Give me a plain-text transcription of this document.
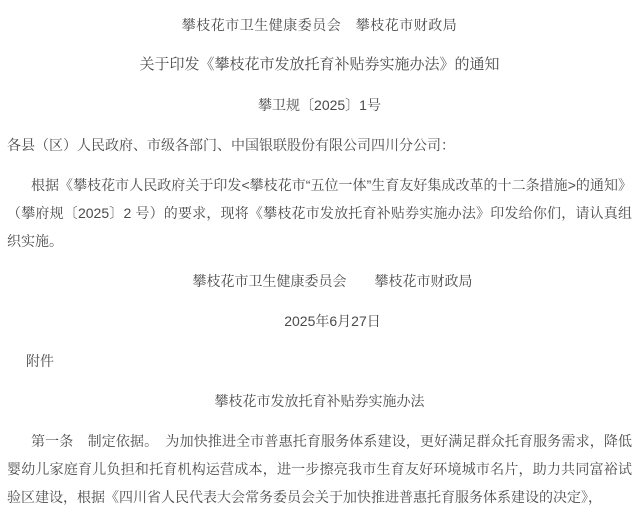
攀枝花市卫生健康委员会　攀枝花市财政局

关于印发《攀枝花市发放托育补贴券实施办法》的通知

攀卫规〔2025〕1号

各县（区）人民政府、市级各部门、中国银联股份有限公司四川分公司：

根据《攀枝花市人民政府关于印发<攀枝花市“五位一体”生育友好集成改革的十二条措施>的通知》（攀府规〔2025〕2 号）的要求，现将《攀枝花市发放托育补贴券实施办法》印发给你们，请认真组织实施。

攀枝花市卫生健康委员会　　攀枝花市财政局

2025年6月27日

附件

攀枝花市发放托育补贴券实施办法

第一条　制定依据。　为加快推进全市普惠托育服务体系建设，更好满足群众托育服务需求，降低婴幼儿家庭育儿负担和托育机构运营成本，进一步擦亮我市生育友好环境城市名片，助力共同富裕试验区建设，根据《四川省人民代表大会常务委员会关于加快推进普惠托育服务体系建设的决定》，
